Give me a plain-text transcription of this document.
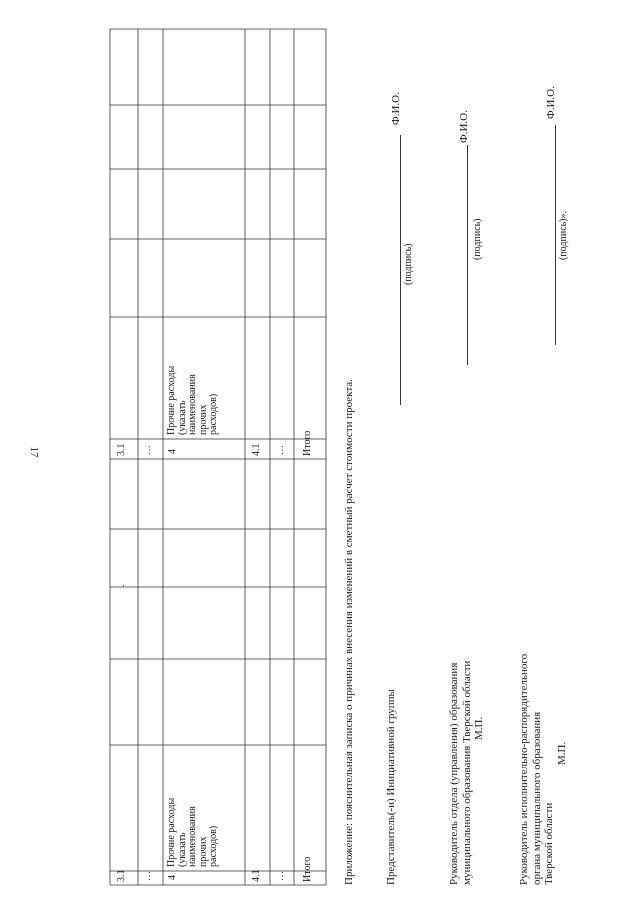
17
3.1 … 4
Прочие расходы (указать наименования прочих расходов)
4.1 … Итого
.
3.1 … 4
Прочие расходы (указать наименования прочих расходов)
4.1 … Итого	Приложение: пояснительная записка о причинах внесения изменений в сметный расчет стоимости проекта.	Представитель(-и) Инициативной группы
(подпись)
Ф.И.О.
Руководитель отдела (управления) образования муниципального образования Тверской области М.П.
(подпись)
Ф.И.О.
Руководитель исполнительно-распорядительного органа муниципального образования Тверской области
М.П.
(подпись)».
Ф.И.О.
